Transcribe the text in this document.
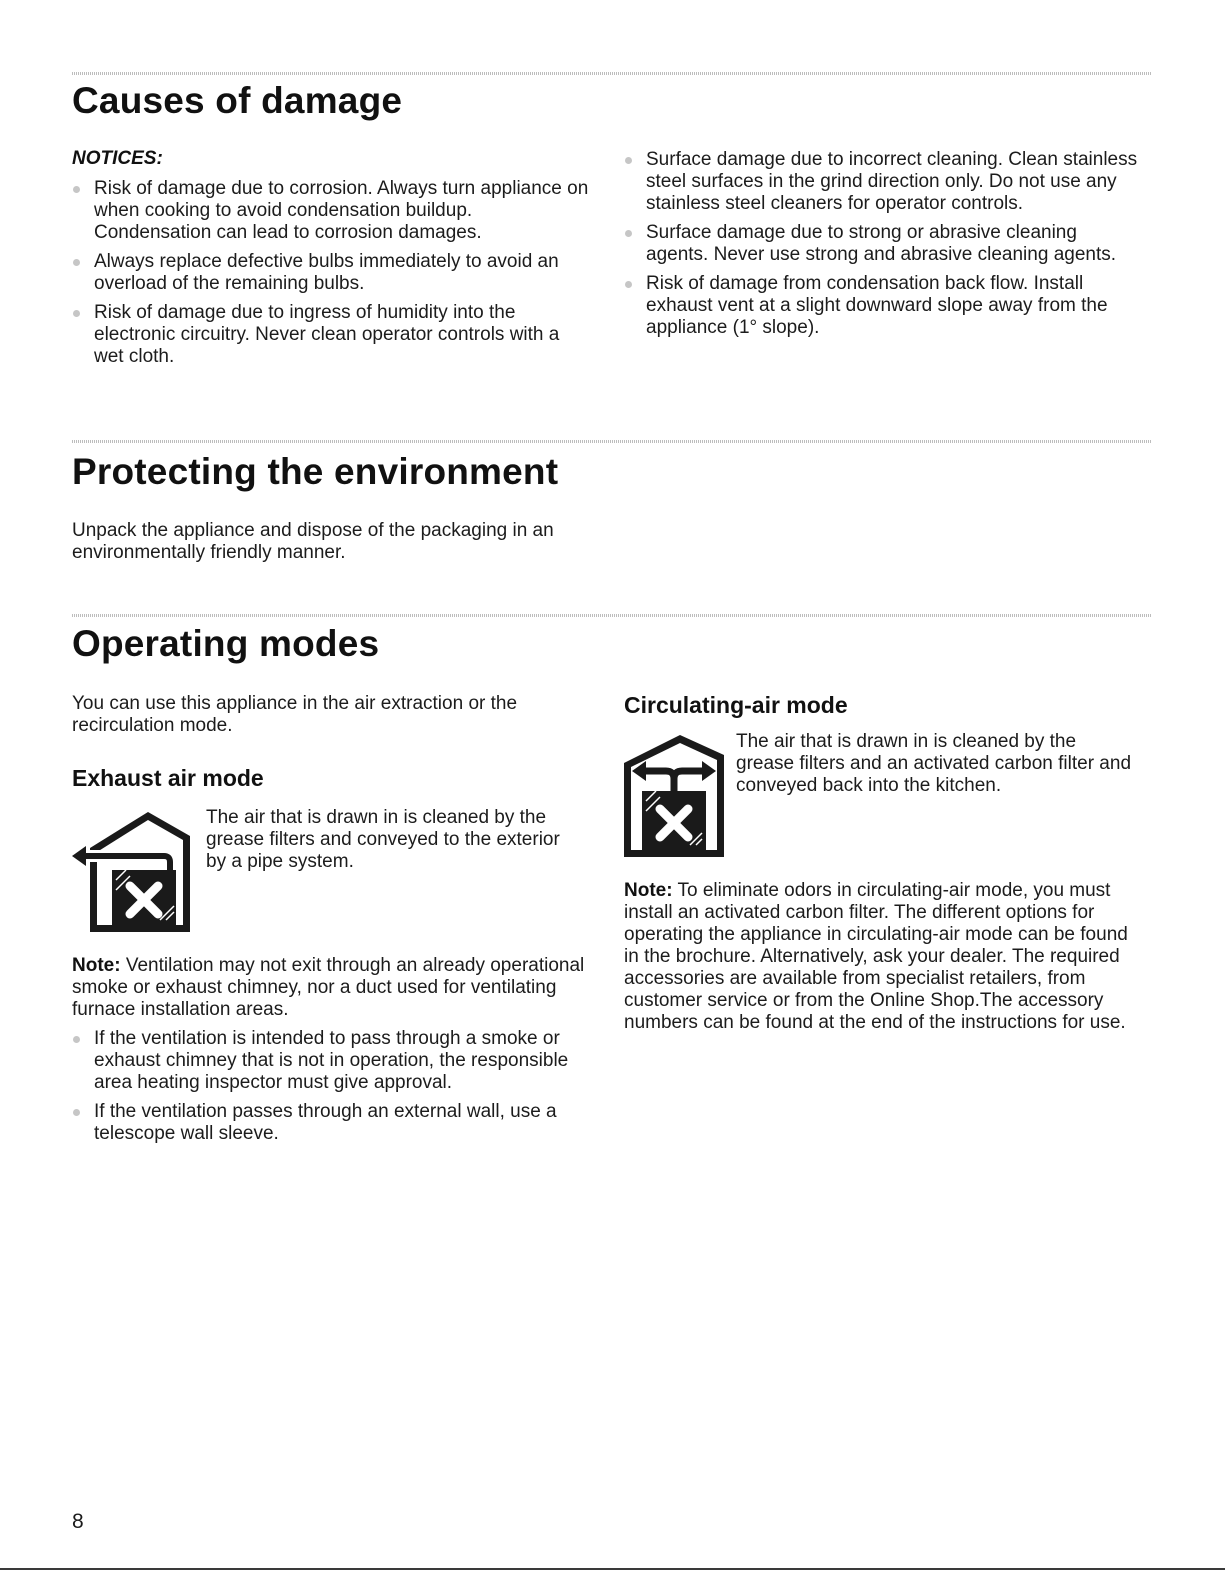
Causes of damage

NOTICES:

Risk of damage due to corrosion. Always turn appliance on when cooking to avoid condensation buildup. Condensation can lead to corrosion damages.
Always replace defective bulbs immediately to avoid an overload of the remaining bulbs.
Risk of damage due to ingress of humidity into the electronic circuitry. Never clean operator controls with a wet cloth.
Surface damage due to incorrect cleaning. Clean stainless steel surfaces in the grind direction only. Do not use any stainless steel cleaners for operator controls.
Surface damage due to strong or abrasive cleaning agents. Never use strong and abrasive cleaning agents.
Risk of damage from condensation back flow. Install exhaust vent at a slight downward slope away from the appliance (1° slope).
Protecting the environment

Unpack the appliance and dispose of the packaging in an environmentally friendly manner.

Operating modes

You can use this appliance in the air extraction or the recirculation mode.

Exhaust air mode

The air that is drawn in is cleaned by the grease filters and conveyed to the exterior by a pipe system.

Note: Ventilation may not exit through an already operational smoke or exhaust chimney, nor a duct used for ventilating furnace installation areas.

If the ventilation is intended to pass through a smoke or exhaust chimney that is not in operation, the responsible area heating inspector must give approval.
If the ventilation passes through an external wall, use a telescope wall sleeve.
Circulating-air mode

The air that is drawn in is cleaned by the grease filters and an activated carbon filter and conveyed back into the kitchen.

Note: To eliminate odors in circulating-air mode, you must install an activated carbon filter. The different options for operating the appliance in circulating-air mode can be found in the brochure. Alternatively, ask your dealer. The required accessories are available from specialist retailers, from customer service or from the Online Shop.The accessory numbers can be found at the end of the instructions for use.

8
